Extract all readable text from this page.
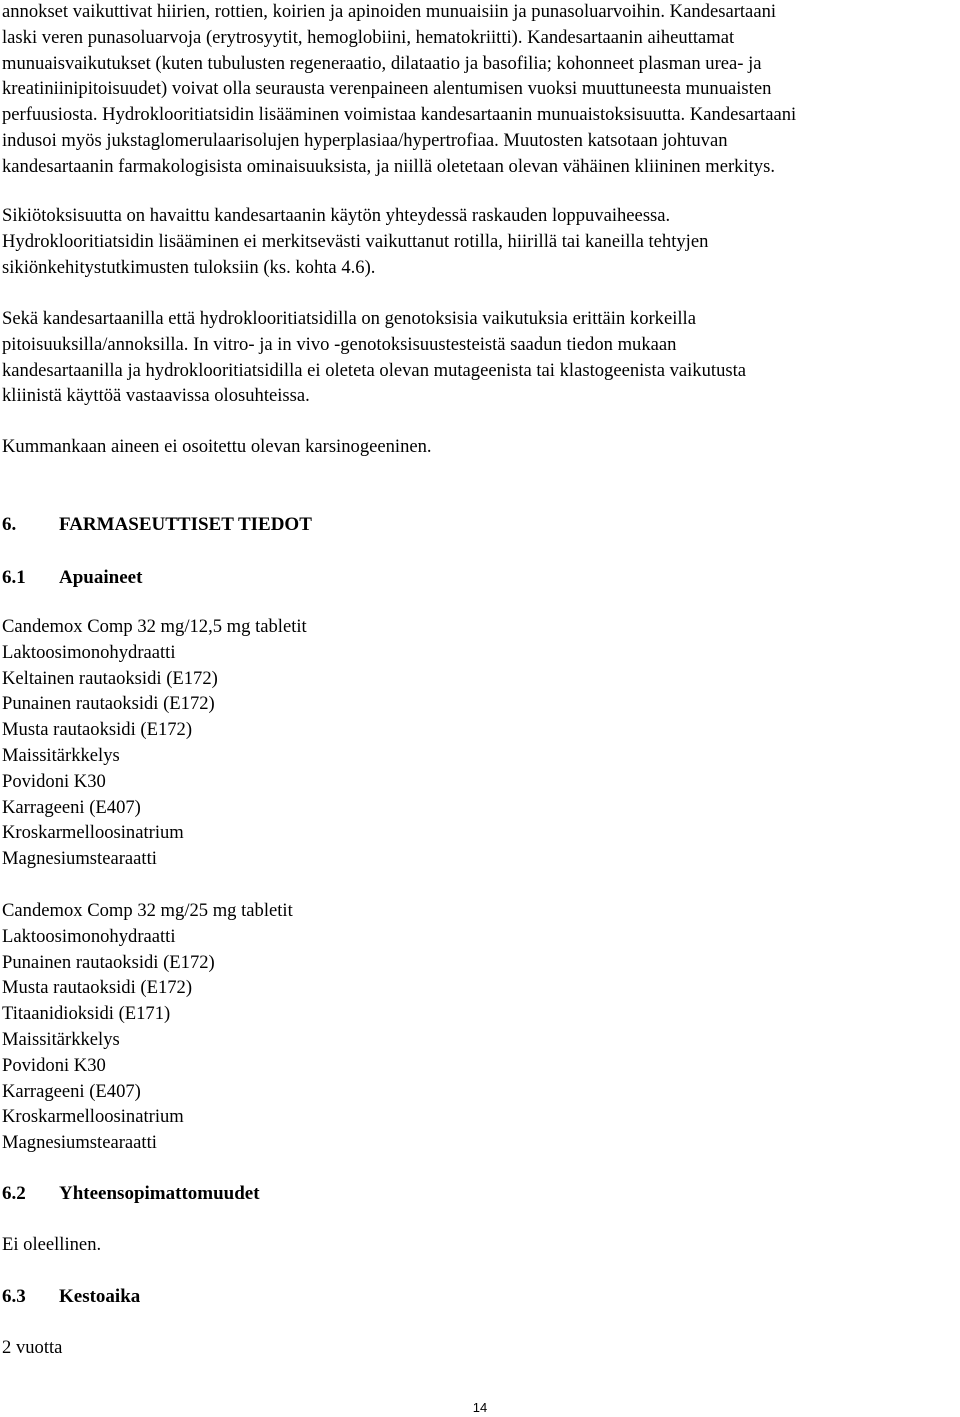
annokset vaikuttivat hiirien, rottien, koirien ja apinoiden munuaisiin ja punasoluarvoihin. Kandesartaani
laski veren punasoluarvoja (erytrosyytit, hemoglobiini, hematokriitti). Kandesartaanin aiheuttamat
munuaisvaikutukset (kuten tubulusten regeneraatio, dilataatio ja basofilia; kohonneet plasman urea- ja
kreatiniinipitoisuudet) voivat olla seurausta verenpaineen alentumisen vuoksi muuttuneesta munuaisten
perfuusiosta. Hydroklooritiatsidin lisääminen voimistaa kandesartaanin munuaistoksisuutta. Kandesartaani
indusoi myös jukstaglomerulaarisolujen hyperplasiaa/hypertrofiaa. Muutosten katsotaan johtuvan
kandesartaanin farmakologisista ominaisuuksista, ja niillä oletetaan olevan vähäinen kliininen merkitys.

Sikiötoksisuutta on havaittu kandesartaanin käytön yhteydessä raskauden loppuvaiheessa.
Hydroklooritiatsidin lisääminen ei merkitsevästi vaikuttanut rotilla, hiirillä tai kaneilla tehtyjen
sikiönkehitystutkimusten tuloksiin (ks. kohta 4.6).

Sekä kandesartaanilla että hydroklooritiatsidilla on genotoksisia vaikutuksia erittäin korkeilla
pitoisuuksilla/annoksilla. In vitro- ja in vivo -genotoksisuustesteistä saadun tiedon mukaan
kandesartaanilla ja hydroklooritiatsidilla ei oleteta olevan mutageenista tai klastogeenista vaikutusta
kliinistä käyttöä vastaavissa olosuhteissa.

Kummankaan aineen ei osoitettu olevan karsinogeeninen.

6. FARMASEUTTISET TIEDOT
6.1 Apuaineet
Candemox Comp 32 mg/12,5 mg tabletit
Laktoosimonohydraatti
Keltainen rautaoksidi (E172)
Punainen rautaoksidi (E172)
Musta rautaoksidi (E172)
Maissitärkkelys
Povidoni K30
Karrageeni (E407)
Kroskarmelloosinatrium
Magnesiumstearaatti
Candemox Comp 32 mg/25 mg tabletit
Laktoosimonohydraatti
Punainen rautaoksidi (E172)
Musta rautaoksidi (E172)
Titaanidioksidi (E171)
Maissitärkkelys
Povidoni K30
Karrageeni (E407)
Kroskarmelloosinatrium
Magnesiumstearaatti
6.2 Yhteensopimattomuudet

Ei oleellinen.

6.3 Kestoaika

2 vuotta

14
